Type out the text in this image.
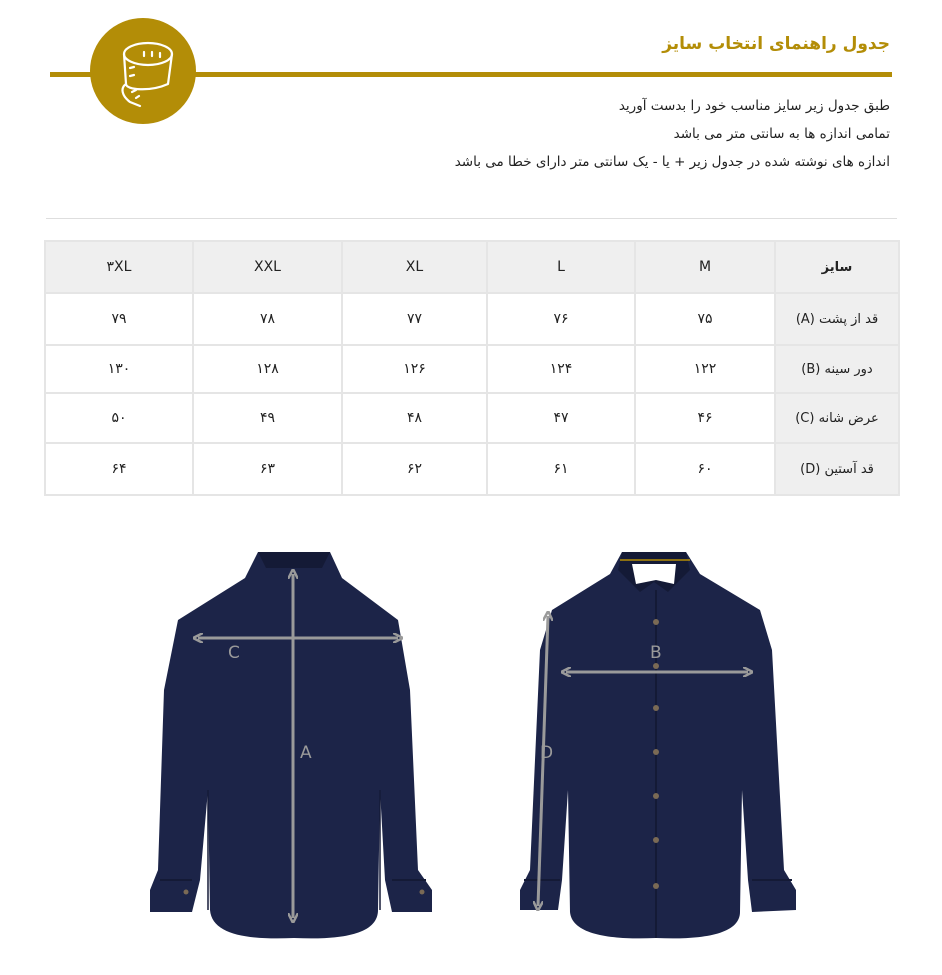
جدول راهنمای انتخاب سایز
طبق جدول زیر سایز مناسب خود را بدست آورید
تمامی اندازه ها به سانتی متر می باشد
اندازه های نوشته شده در جدول زیر + یا - یک سانتی متر دارای خطا می باشد
سایز	M	L	XL	XXL	۳XL
قد از پشت (A)	۷۵	۷۶	۷۷	۷۸	۷۹
دور سینه (B)	۱۲۲	۱۲۴	۱۲۶	۱۲۸	۱۳۰
عرض شانه (C)	۴۶	۴۷	۴۸	۴۹	۵۰
قد آستین (D)	۶۰	۶۱	۶۲	۶۳	۶۴
C
A
B
D
